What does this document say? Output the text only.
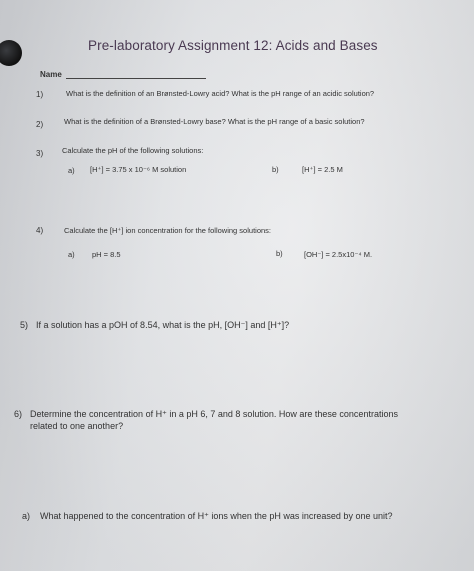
Pre-laboratory Assignment 12: Acids and Bases
Name
1)	What is the definition of an Brønsted-Lowry acid? What is the pH range of an acidic solution?
2)	What is the definition of a Brønsted-Lowry base? What is the pH range of a basic solution?
3)	Calculate the pH of the following solutions:
a) [H⁺] = 3.75 x 10⁻⁶ M solution	b)	[H⁺] = 2.5 M
4)	Calculate the [H⁺] ion concentration for the following solutions:
a) pH = 8.5	b)	[OH⁻] = 2.5x10⁻⁴ M.
5) If a solution has a pOH of 8.54, what is the pH, [OH⁻] and [H⁺]?
6) Determine the concentration of H⁺ in a pH 6, 7 and 8 solution. How are these concentrations
related to one another?
a) What happened to the concentration of H⁺ ions when the pH was increased by one unit?
